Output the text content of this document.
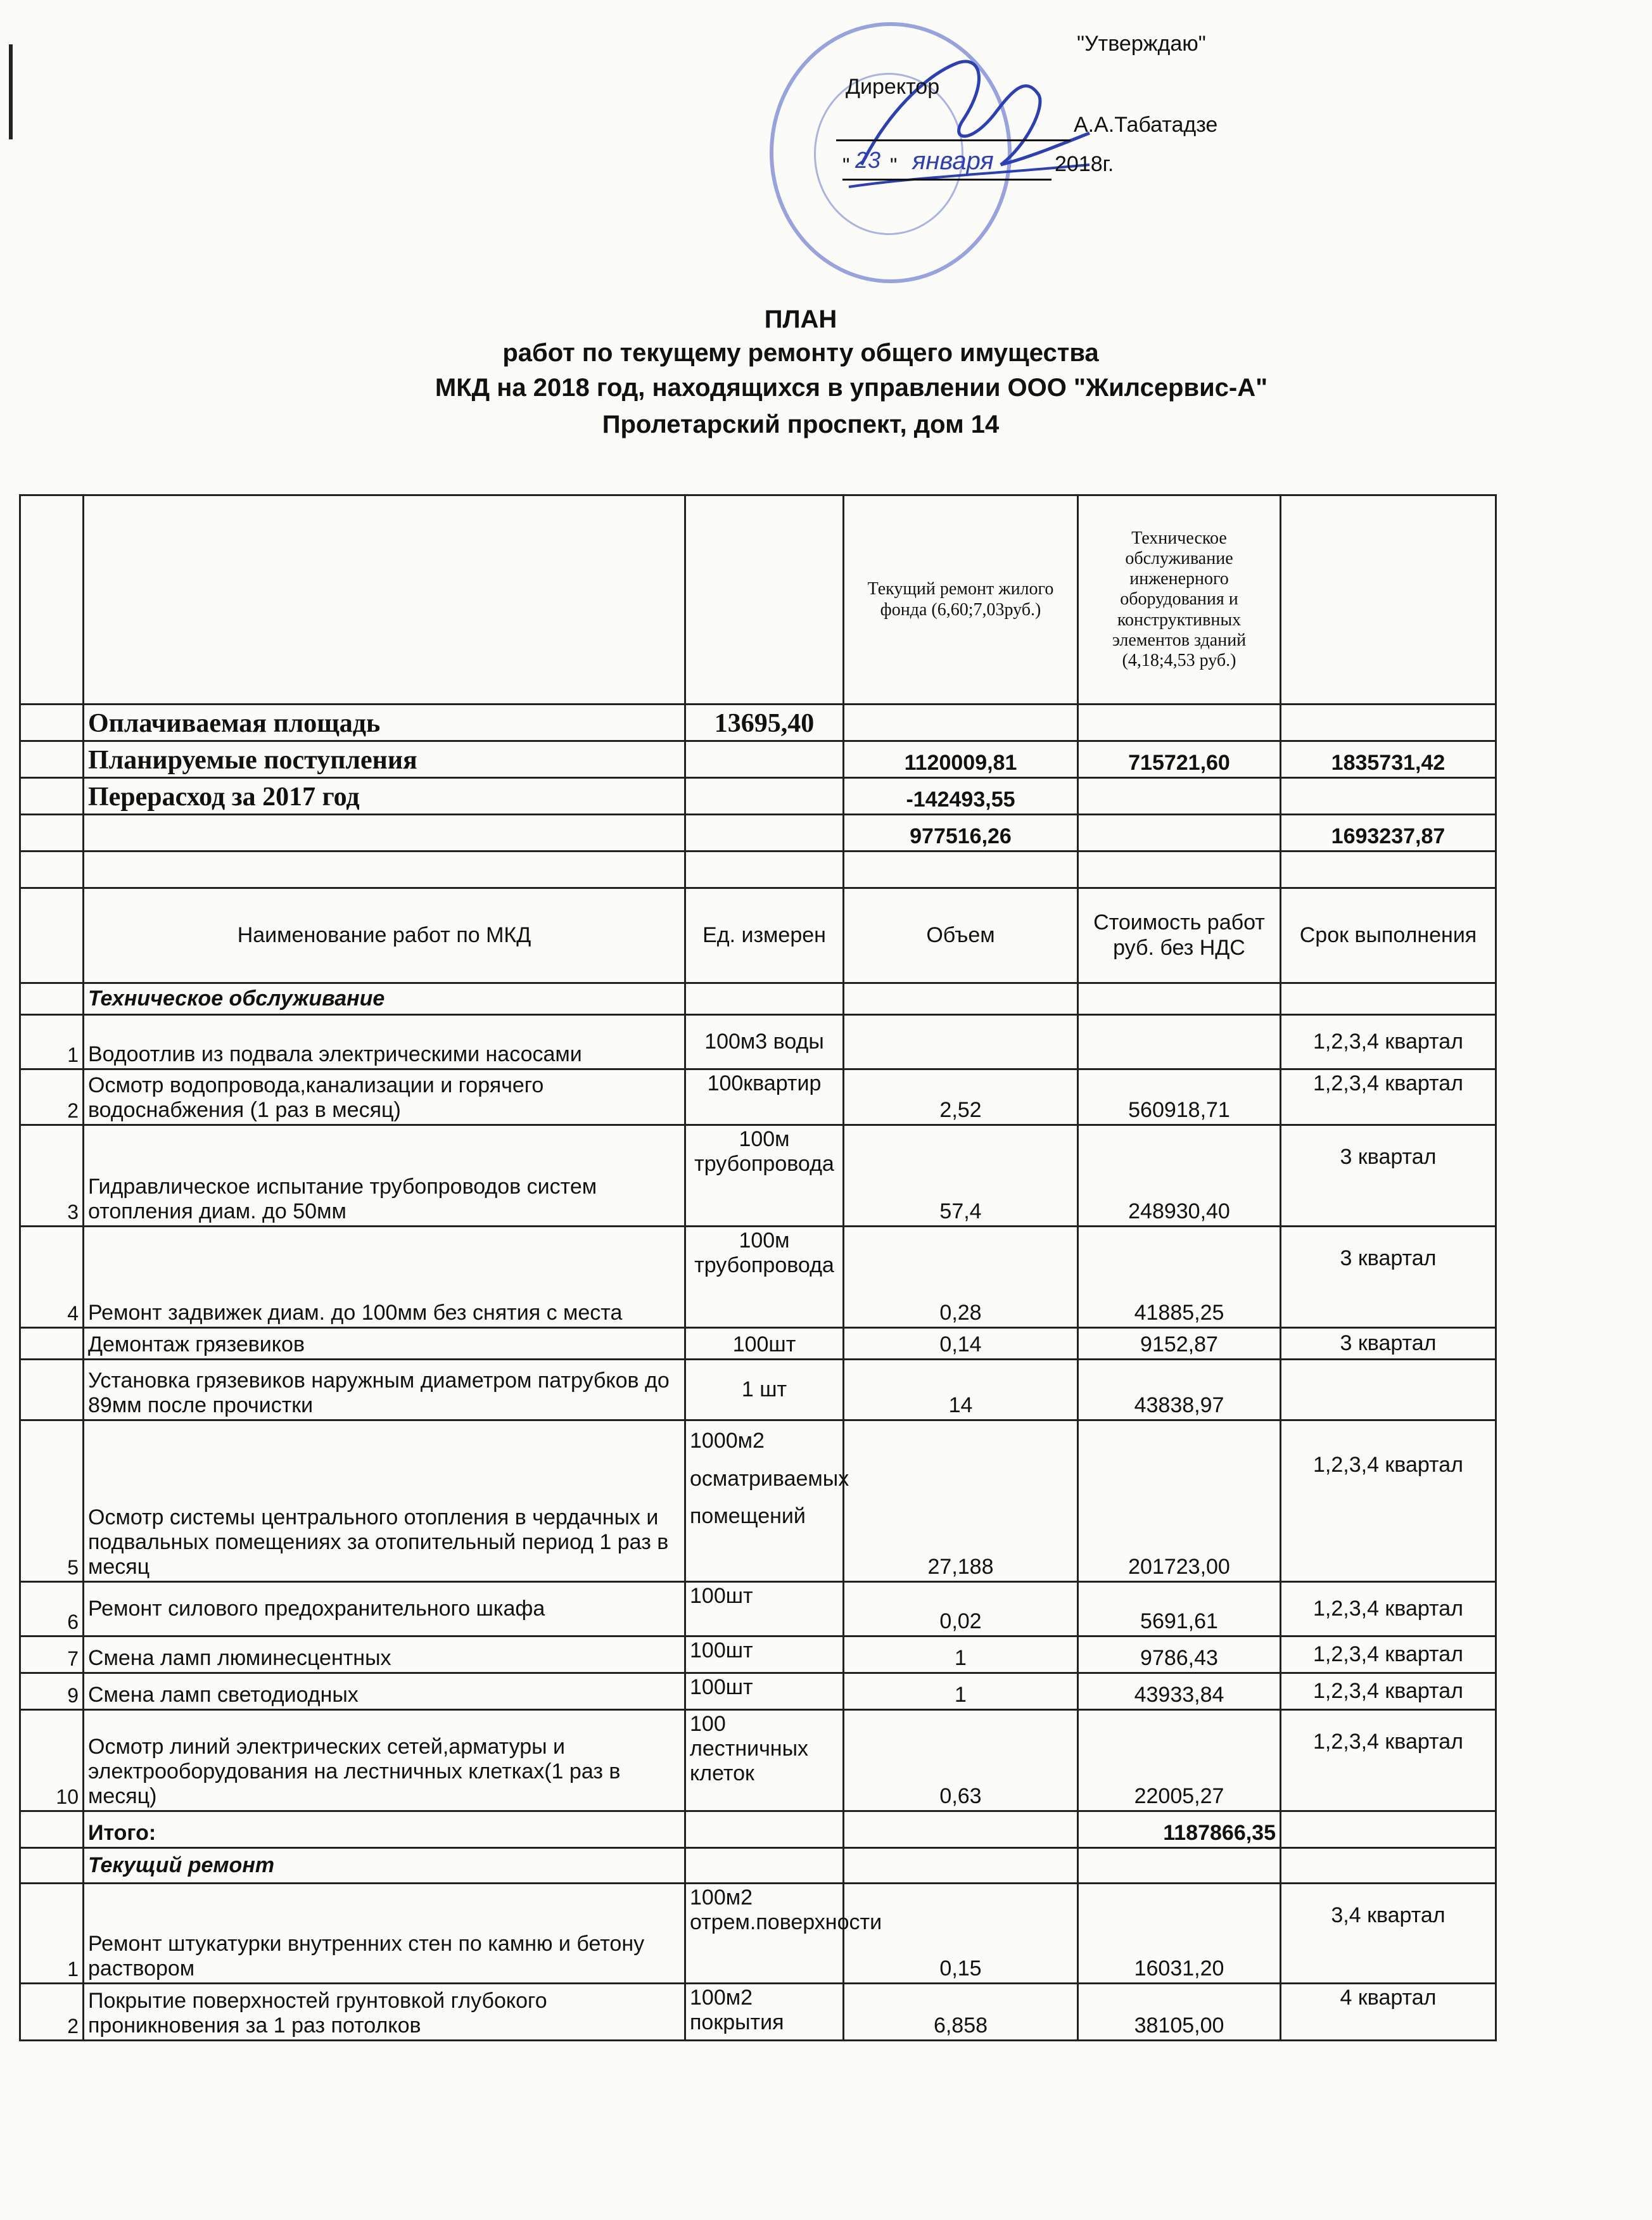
"Утверждаю"
Директор
А.А.Табатадзе
" 23 " января	2018г.
ПЛАН
работ по текущему ремонту общего имущества
МКД на 2018 год, находящихся в управлении ООО "Жилсервис-А"
Пролетарский проспект, дом 14
			Текущий ремонт жилого фонда (6,60;7,03руб.)	Техническое обслуживание инженерного оборудования и конструктивных элементов зданий (4,18;4,53 руб.)	
	Оплачиваемая площадь	13695,40			
	Планируемые поступления		1120009,81	715721,60	1835731,42
	Перерасход за 2017 год		-142493,55		
			977516,26		1693237,87

	Наименование работ по МКД	Ед. измерен	Объем	Стоимость работ руб. без НДС	Срок выполнения
	Техническое обслуживание				
1	Водоотлив из подвала электрическими насосами	100м3 воды			1,2,3,4 квартал
2	Осмотр водопровода,канализации и горячего водоснабжения (1 раз в месяц)	100квартир	2,52	560918,71	1,2,3,4 квартал
3	Гидравлическое испытание трубопроводов систем отопления диам. до 50мм	100м трубопровода	57,4	248930,40	3 квартал
4	Ремонт задвижек диам. до 100мм без снятия с места	100м трубопровода	0,28	41885,25	3 квартал
	Демонтаж грязевиков	100шт	0,14	9152,87	3 квартал
	Установка грязевиков наружным диаметром патрубков до 89мм после прочистки	1 шт	14	43838,97	
5	Осмотр системы центрального отопления в чердачных и подвальных помещениях за отопительный период 1 раз в месяц	1000м2 осматриваемых помещений	27,188	201723,00	1,2,3,4 квартал
6	Ремонт силового предохранительного шкафа	100шт	0,02	5691,61	1,2,3,4 квартал
7	Смена ламп люминесцентных	100шт	1	9786,43	1,2,3,4 квартал
9	Смена ламп светодиодных	100шт	1	43933,84	1,2,3,4 квартал
10	Осмотр линий электрических сетей,арматуры и электрооборудования на лестничных клетках(1 раз в месяц)	100 лестничных клеток	0,63	22005,27	1,2,3,4 квартал
	Итого:			1187866,35	
	Текущий ремонт				
1	Ремонт штукатурки внутренних стен по камню и бетону раствором	100м2 отрем.поверхности	0,15	16031,20	3,4 квартал
2	Покрытие поверхностей грунтовкой глубокого проникновения за 1 раз потолков	100м2 покрытия	6,858	38105,00	4 квартал
